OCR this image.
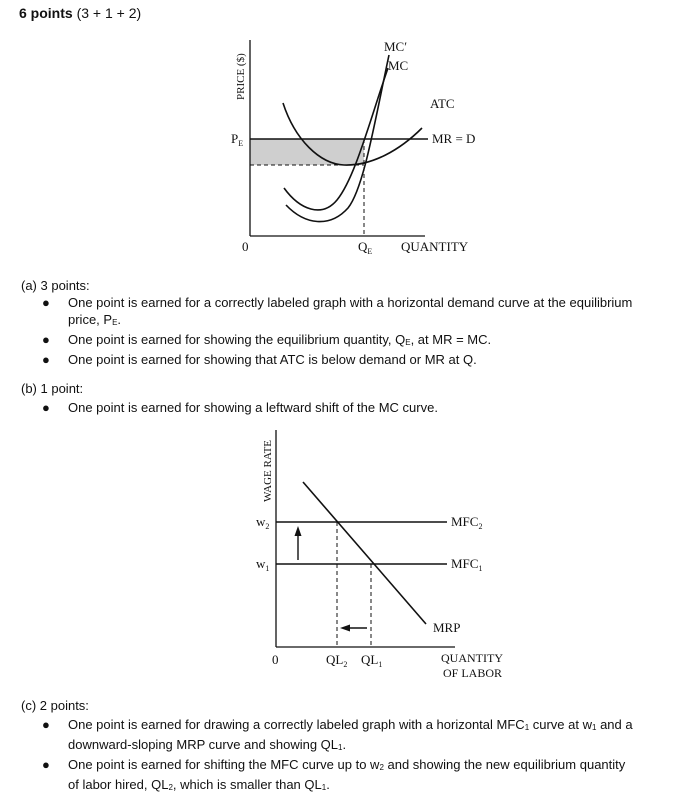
6 points (3 + 1 + 2)
PRICE ($)
$P_E$
0	$Q_E$ QUANTITY
MC′
MC
ATC
MR = D
(a) 3 points:
● One point is earned for a correctly labeled graph with a horizontal demand curve at the equilibrium
price, $P_E$.
● One point is earned for showing the equilibrium quantity, $Q_E$, at MR = MC.
● One point is earned for showing that ATC is below demand or MR at Q.
(b) 1 point:
● One point is earned for showing a leftward shift of the MC curve.
WAGE RATE
$w_2$
$w_1$
$MFC_2$
$MFC_1$
MRP
0	$QL_2$ $QL_1$	QUANTITY
OF LABOR
(c) 2 points:
● One point is earned for drawing a correctly labeled graph with a horizontal $MFC_1$ curve at $w_1$ and a
downward-sloping MRP curve and showing $QL_1$.
● One point is earned for shifting the MFC curve up to $w_2$ and showing the new equilibrium quantity
of labor hired, $QL_2$, which is smaller than $QL_1$.
